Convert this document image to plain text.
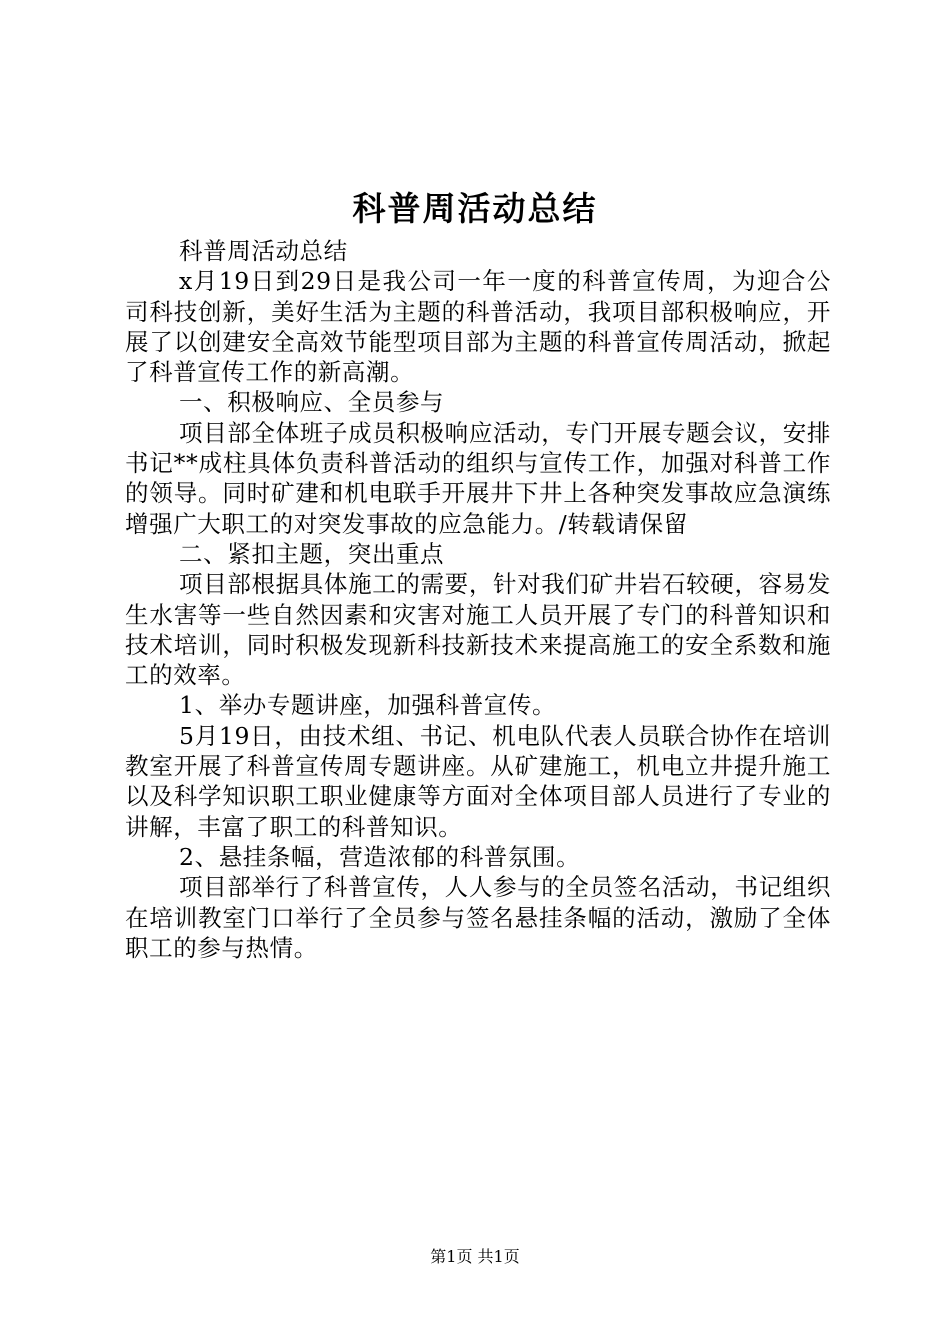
科普周活动总结

科普周活动总结

x月19日到29日是我公司一年一度的科普宣传周，为迎合公司科技创新，美好生活为主题的科普活动，我项目部积极响应，开展了以创建安全高效节能型项目部为主题的科普宣传周活动，掀起了科普宣传工作的新高潮。

一、积极响应、全员参与

项目部全体班子成员积极响应活动，专门开展专题会议，安排书记**成柱具体负责科普活动的组织与宣传工作，加强对科普工作的领导。同时矿建和机电联手开展井下井上各种突发事故应急演练增强广大职工的对突发事故的应急能力。/转载请保留

二、紧扣主题，突出重点

项目部根据具体施工的需要，针对我们矿井岩石较硬，容易发生水害等一些自然因素和灾害对施工人员开展了专门的科普知识和技术培训，同时积极发现新科技新技术来提高施工的安全系数和施工的效率。

1、举办专题讲座，加强科普宣传。

5月19日，由技术组、书记、机电队代表人员联合协作在培训教室开展了科普宣传周专题讲座。从矿建施工，机电立井提升施工以及科学知识职工职业健康等方面对全体项目部人员进行了专业的讲解，丰富了职工的科普知识。

2、悬挂条幅，营造浓郁的科普氛围。

项目部举行了科普宣传，人人参与的全员签名活动，书记组织在培训教室门口举行了全员参与签名悬挂条幅的活动，激励了全体职工的参与热情。

第1页 共1页
